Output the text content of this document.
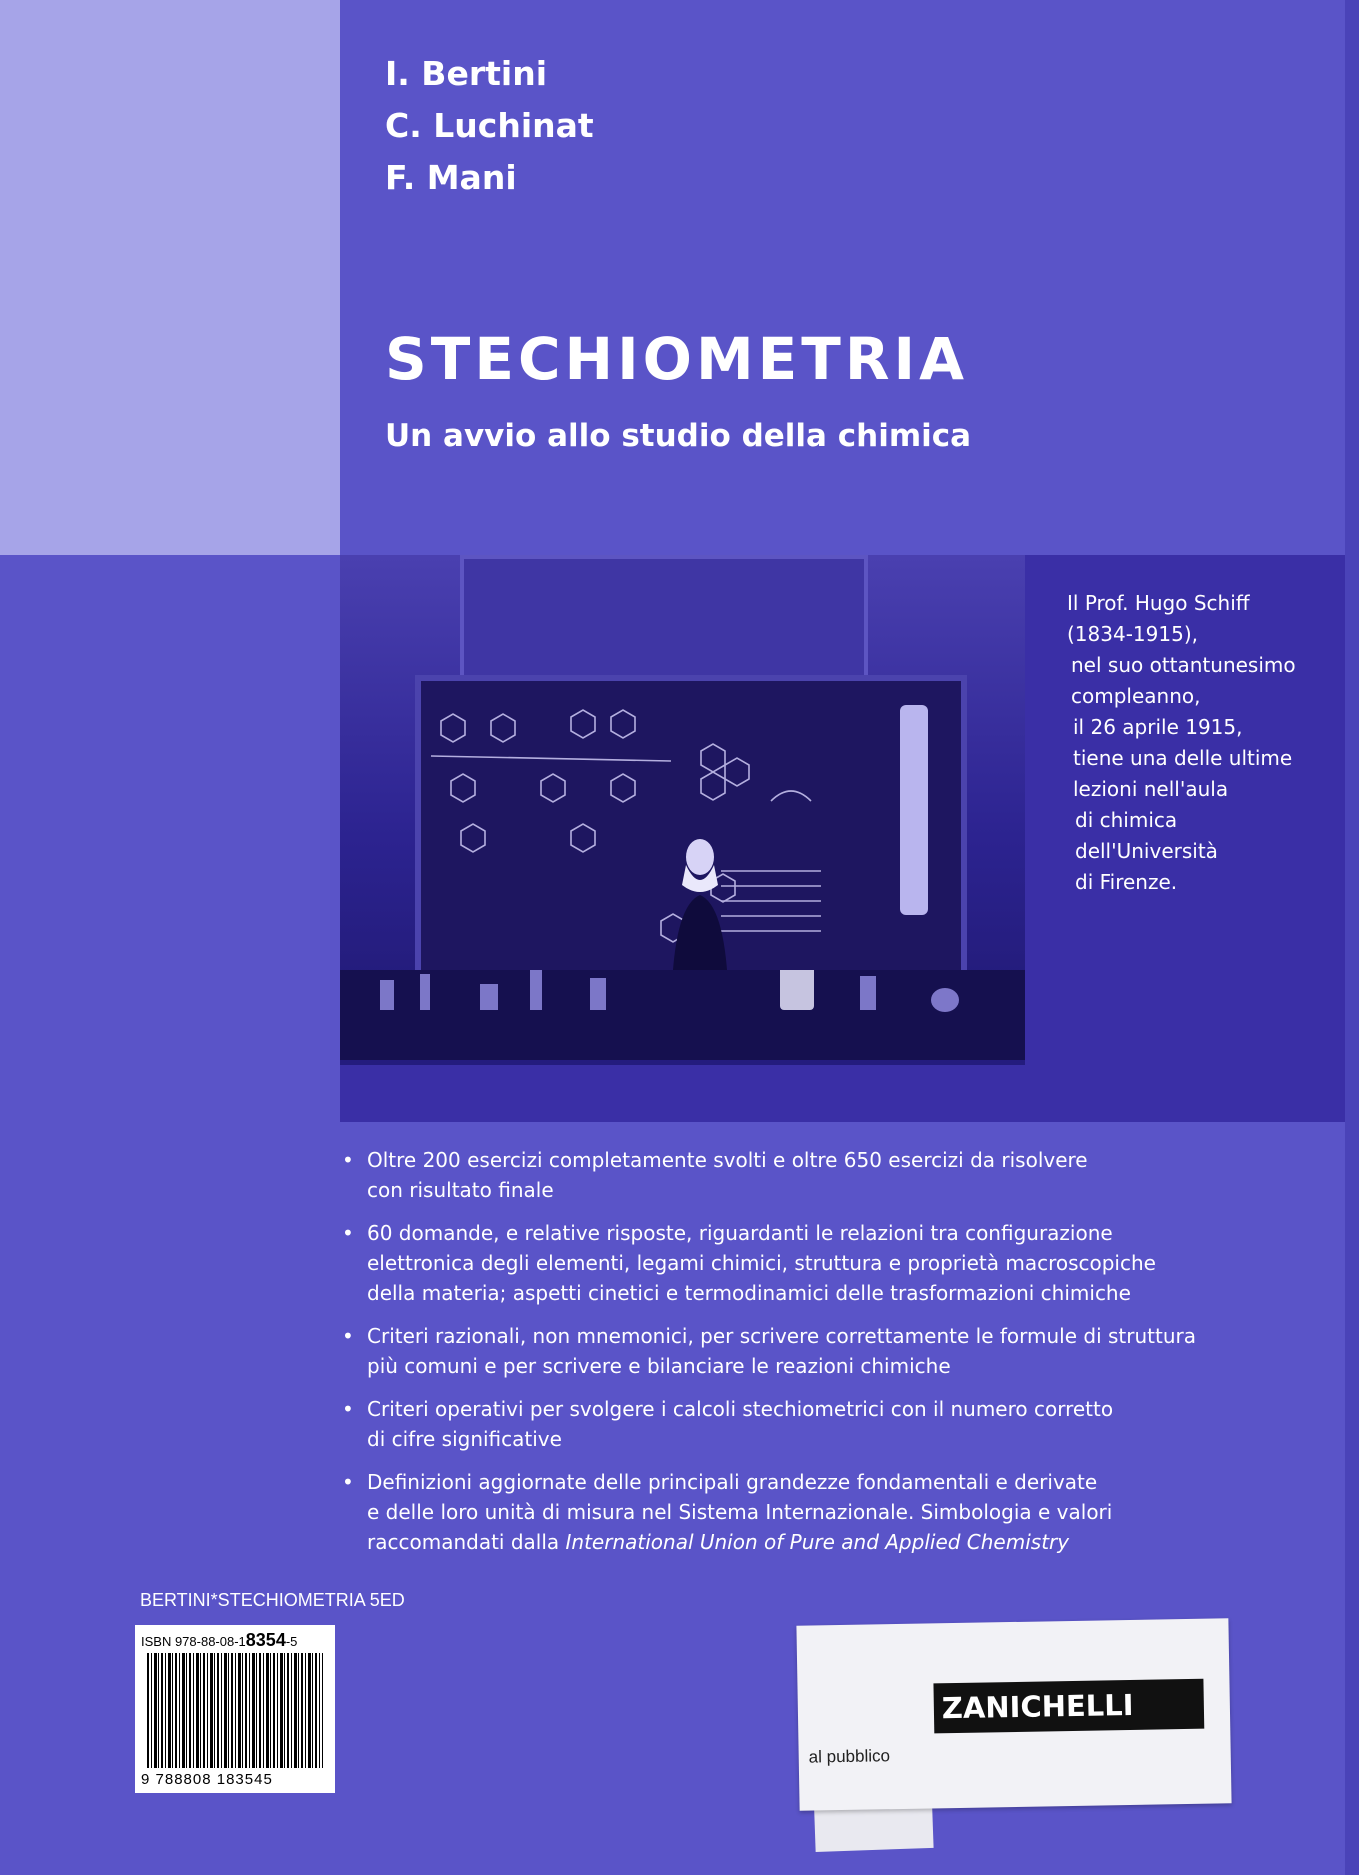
I. Bertini
C. Luchinat
F. Mani
STECHIOMETRIA
Un avvio allo studio della chimica
Il Prof. Hugo Schiff
(1834-1915),
nel suo ottantunesimo
compleanno,
il 26 aprile 1915,
tiene una delle ultime
lezioni nell'aula
di chimica
dell'Università
di Firenze.
• Oltre 200 esercizi completamente svolti e oltre 650 esercizi da risolvere
con risultato finale
• 60 domande, e relative risposte, riguardanti le relazioni tra configurazione
elettronica degli elementi, legami chimici, struttura e proprietà macroscopiche
della materia; aspetti cinetici e termodinamici delle trasformazioni chimiche
• Criteri razionali, non mnemonici, per scrivere correttamente le formule di struttura
più comuni e per scrivere e bilanciare le reazioni chimiche
• Criteri operativi per svolgere i calcoli stechiometrici con il numero corretto
di cifre significative
• Definizioni aggiornate delle principali grandezze fondamentali e derivate
e delle loro unità di misura nel Sistema Internazionale. Simbologia e valori
raccomandati dalla International Union of Pure and Applied Chemistry
BERTINI*STECHIOMETRIA 5ED
ISBN 978-88-08-18354-5
9 788808 183545
ZANICHELLI
al pubblico
